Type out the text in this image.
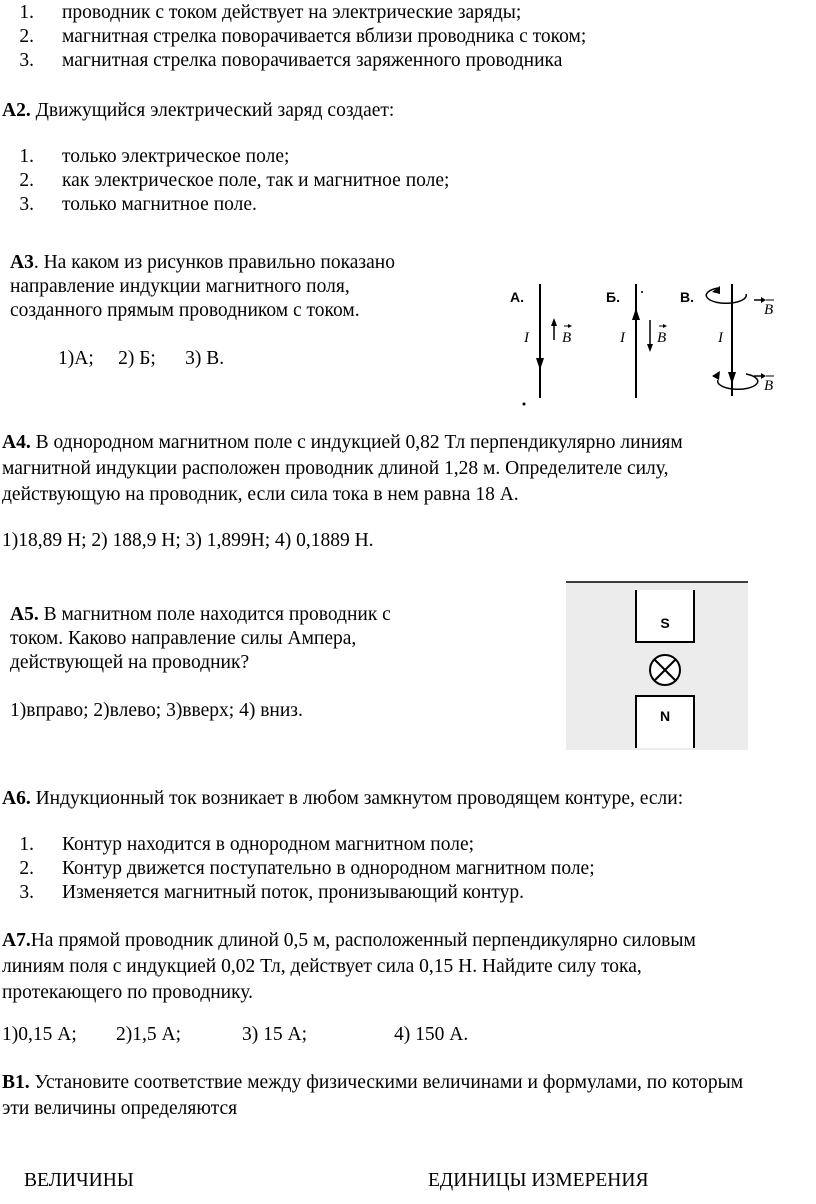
1. проводник с током действует на электрические заряды;
2. магнитная стрелка поворачивается вблизи проводника с током;
3. магнитная стрелка поворачивается заряженного проводника
А2. Движущийся электрический заряд создает:
1. только электрическое поле;
2. как электрическое поле, так и магнитное поле;
3. только магнитное поле.
А3. На каком из рисунков правильно показано
направление индукции магнитного поля,
созданного прямым проводником с током.
1)А;     2) Б;      3) В.
А.
I B
Б.
I B
В.
I
B
B
А4. В однородном магнитном поле с индукцией 0,82 Тл перпендикулярно линиям
магнитной индукции расположен проводник длиной 1,28 м. Определителе силу,
действующую на проводник, если сила тока в нем равна 18 А.
1)18,89 Н; 2) 188,9 Н; 3) 1,899Н; 4) 0,1889 Н.
А5. В магнитном поле находится проводник с
током. Каково направление силы Ампера,
действующей на проводник?
1)вправо; 2)влево; 3)вверх; 4) вниз.
S
N
А6. Индукционный ток возникает в любом замкнутом проводящем контуре, если:
1. Контур находится в однородном магнитном поле;
2. Контур движется поступательно в однородном магнитном поле;
3. Изменяется магнитный поток, пронизывающий контур.
А7.На прямой проводник длиной 0,5 м, расположенный перпендикулярно силовым
линиям поля с индукцией 0,02 Тл, действует сила 0,15 Н. Найдите силу тока,
протекающего по проводнику.
1)0,15 А; 2)1,5 А;	3) 15 А;	4) 150 А.
В1. Установите соответствие между физическими величинами и формулами, по которым
эти величины определяются
ВЕЛИЧИНЫ	ЕДИНИЦЫ ИЗМЕРЕНИЯ
